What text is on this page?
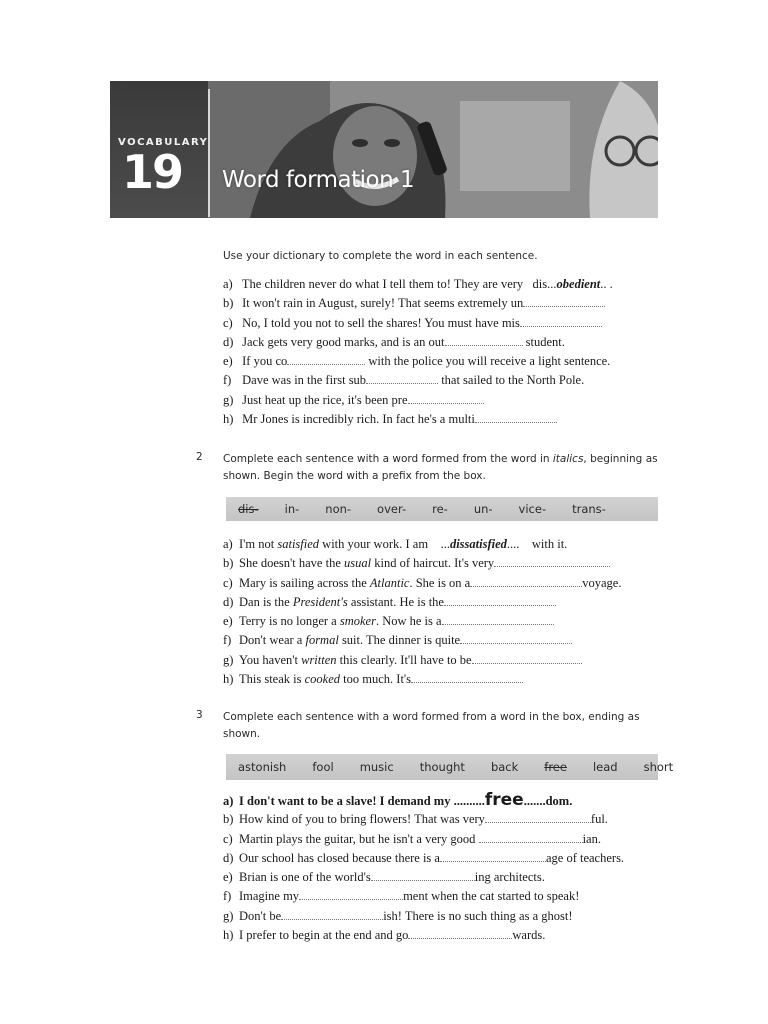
VOCABULARY
19 Word formation 1
Use your dictionary to complete the word in each sentence.
a) The children never do what I tell them to! They are very dis...obedient.. .
b) It won't rain in August, surely! That seems extremely un
c) No, I told you not to sell the shares! You must have mis
d) Jack gets very good marks, and is an out	student.
e) If you co	with the police you will receive a light sentence.
f) Dave was in the first sub	that sailed to the North Pole.
g) Just heat up the rice, it's been pre
h) Mr Jones is incredibly rich. In fact he's a multi
2 Complete each sentence with a word formed from the word in italics, beginning as shown. Begin the word with a prefix from the box.
dis- in- non- over- re- un- vice- trans-
a) I'm not satisfied with your work. I am ...dissatisfied.... with it.
b) She doesn't have the usual kind of haircut. It's very
c) Mary is sailing across the Atlantic. She is on a	voyage.
d) Dan is the President's assistant. He is the
e) Terry is no longer a smoker. Now he is a
f) Don't wear a formal suit. The dinner is quite
g) You haven't written this clearly. It'll have to be
h) This steak is cooked too much. It's
3 Complete each sentence with a word formed from a word in the box, ending as shown.
astonish fool music thought back free lead short
a) I don't want to be a slave! I demand my ..........free.......dom.
b) How kind of you to bring flowers! That was very	ful.
c) Martin plays the guitar, but he isn't a very good	ian.
d) Our school has closed because there is a	age of teachers.
e) Brian is one of the world's	ing architects.
f) Imagine my	ment when the cat started to speak!
g) Don't be	ish! There is no such thing as a ghost!
h) I prefer to begin at the end and go	wards.
